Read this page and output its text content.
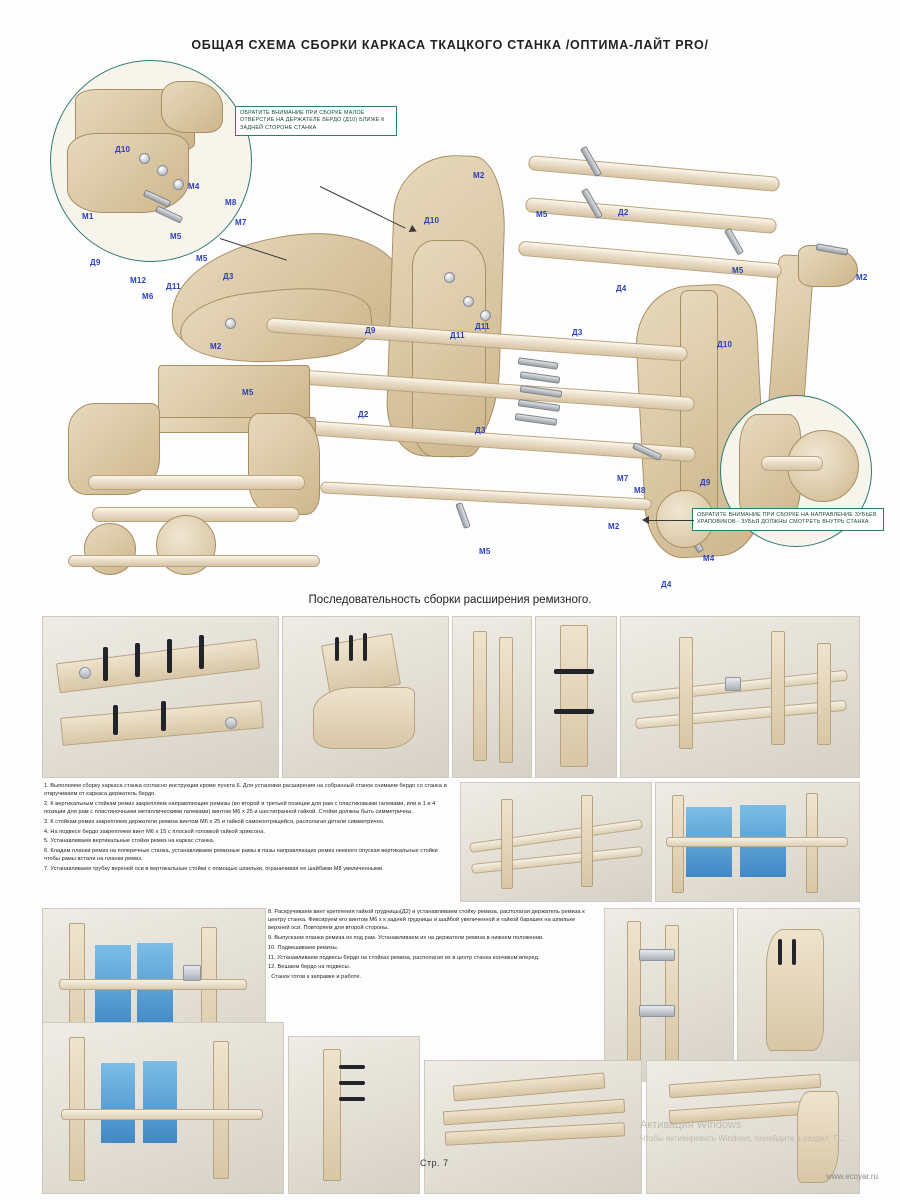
ОБЩАЯ СХЕМА СБОРКИ КАРКАСА ТКАЦКОГО СТАНКА /ОПТИМА-ЛАЙТ PRO/
ОБРАТИТЕ ВНИМАНИЕ ПРИ СБОРКЕ МАЛОЕ ОТВЕРСТИЕ НА ДЕРЖАТЕЛЕ БЕРДО (Д10) БЛИЖЕ К ЗАДНЕЙ СТОРОНЕ СТАНКА
ОБРАТИТЕ ВНИМАНИЕ ПРИ СБОРКЕ НА НАПРАВЛЕНИЕ ЗУБЬЕВ ХРАПОВИКОВ - ЗУБЬЯ ДОЛЖНЫ СМОТРЕТЬ ВНУТРЬ СТАНКА
Д10
М4
М8
М7
М1
М5
М5
Д9
М12
Д11
М6
Д3
М2
Д10
М5	Д2
М5
М2
Д4
Д3
Д11
Д11
Д9
Д10
М2
М5
Д2
Д3
М7
М8
Д9
М2
М5
М4
Д4
Последовательность сборки расширения ремизного.

1. Выполняем сборку каркаса станка согласно инструкции кроме пункта 6. Для установки расширения на собранный станок снимаем бердо со станка и откручиваем от каркаса держатель бердо.

2. К вертикальным стойкам ремиз закрепляем направляющие ремизы (во второй и третьей позиции для рам с пластиковыми галевами, или в 1 и 4 позиции для рам с пластиночными металлическими галевами) винтом М6 х 25 и шестигранной гайкой. Стойки должны быть симметричны.

3. К стойкам ремиз закрепляем держатели ремиза винтом М6 х 25 и гайкой самоконтрящейся, располагая детали симметрично.

4. На подвесе бердо закрепляем винт М6 х 15 с плоской головкой гайкой эриксона.

5. Устанавливаем вертикальные стойки ремиз на каркас станка.

6. Кладем планки ремиз на поперечные станка, устанавливаем ремизные рамы в пазы направляющих ремиз немного опуская вертикальные стойки чтобы рамы встали на планки ремиз.

7. Устанавливаем трубку верхней оси в вертикальные стойки с помощью шпильки, ограничивая ее шайбами М8 увеличенными.

8. Раскручиваем винт крепления гайкой грудницы(Д2) и устанавливаем стойку ремиза, располагая держатель ремиза к центру станка. Фиксируем его винтом М6 х к задней грудницы и шайбой увеличенной и гайкой барашек на шпильке верхней оси. Повторяем для второй стороны.

9. Выпускаем планки ремиза из под рам. Устанавливаем их на держатели ремиза в нижнем положении.

10. Подвешиваем ремизы.

11. Устанавливаем подвесы бердо на стойках ремиза, располагая их в центр станка кончиком вперед.

12. Вешаем бердо на подвесы.

. Станок готов к заправке и работе.

Активация Windows
Чтобы активировать Windows, перейдите в раздел "П..."
Стр. 7
www.ecoyar.ru
